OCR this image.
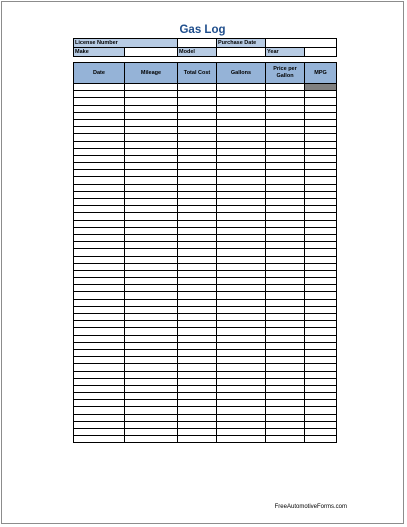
Gas Log
License Number			Purchase Date		
Make		Model		Year	
Date	Mileage	Total Cost	Gallons	Price per Gallon	MPG

FreeAutomotiveForms.com
